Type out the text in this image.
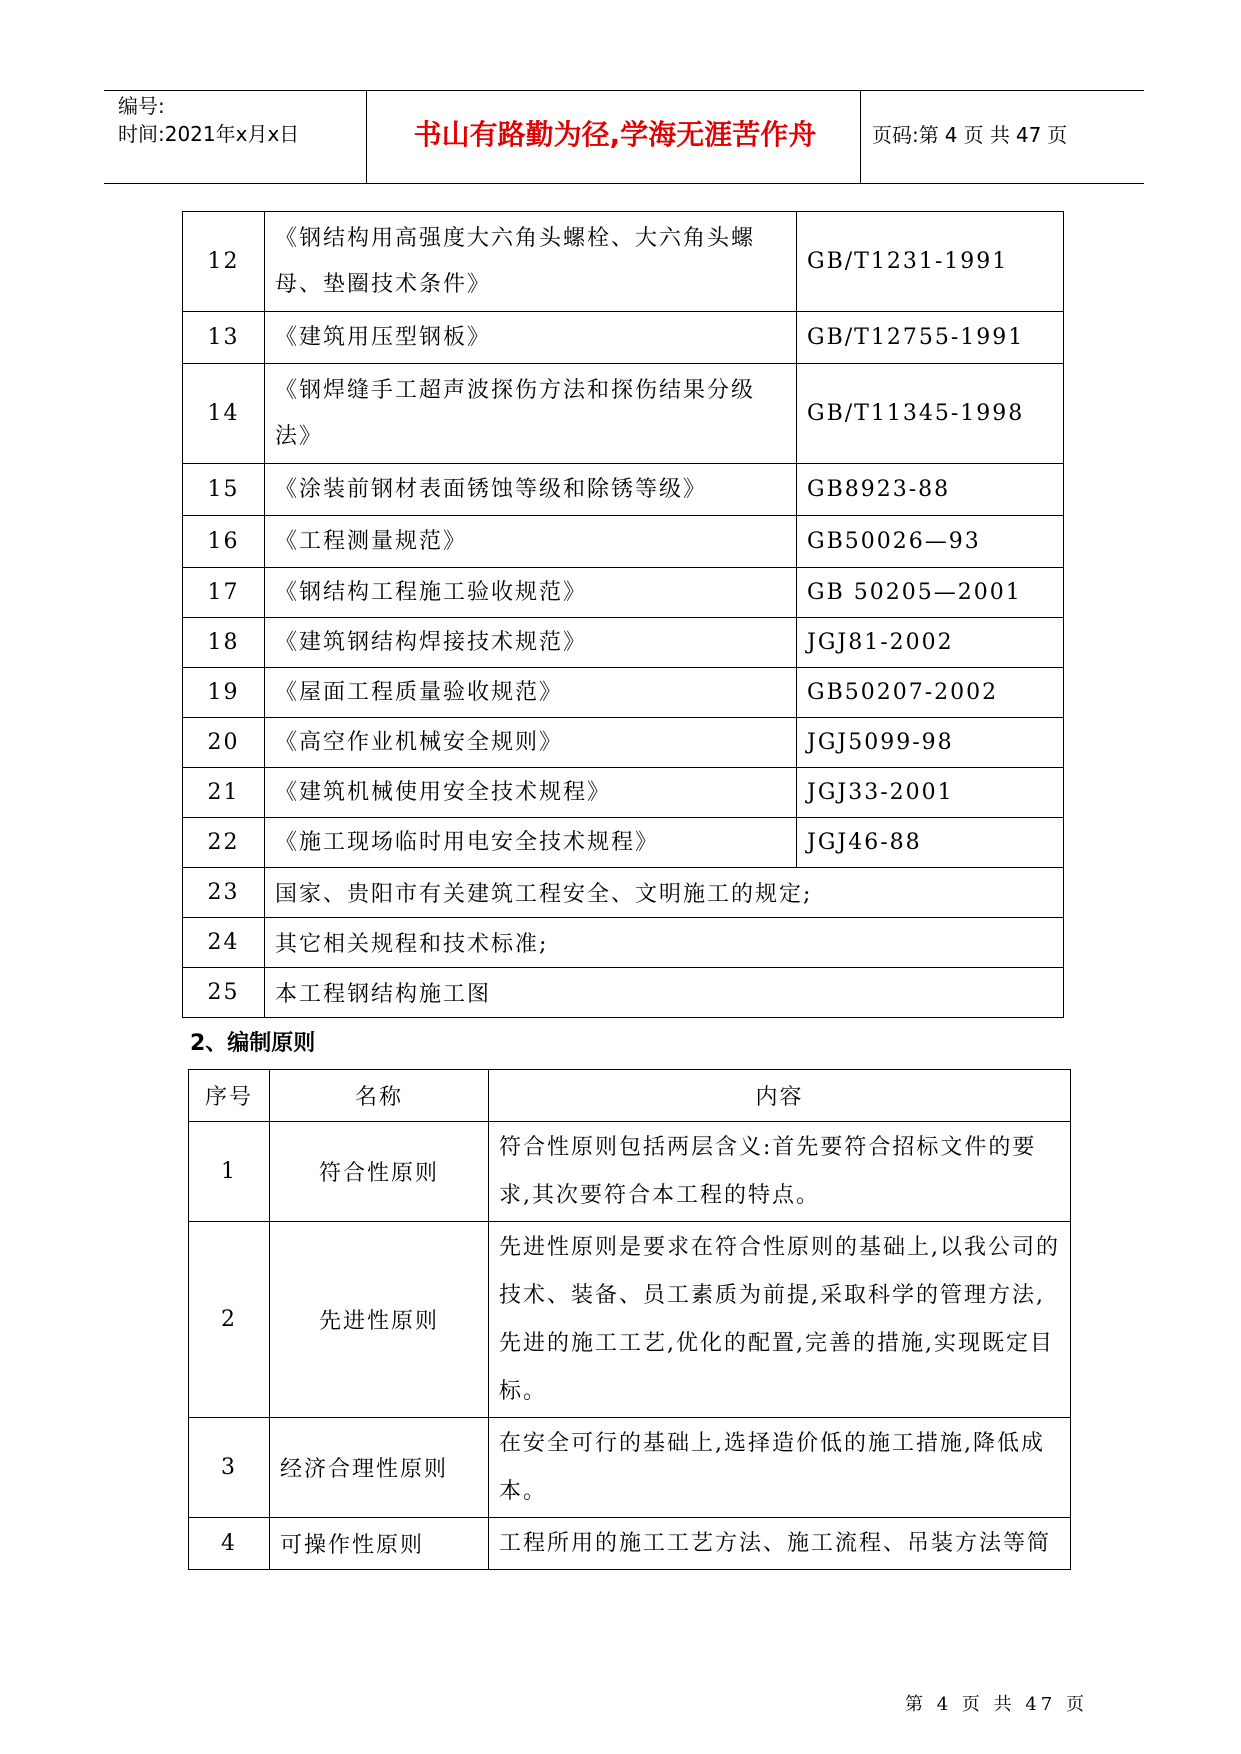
编号:
时间:2021年x月x日	书山有路勤为径,学海无涯苦作舟	页码:第 4 页 共 47 页
12	《钢结构用高强度大六角头螺栓、大六角头螺母、垫圈技术条件》	GB/T1231-1991
13	《建筑用压型钢板》	GB/T12755-1991
14	《钢焊缝手工超声波探伤方法和探伤结果分级法》	GB/T11345-1998
15	《涂装前钢材表面锈蚀等级和除锈等级》	GB8923-88
16	《工程测量规范》	GB50026—93
17	《钢结构工程施工验收规范》	GB 50205—2001
18	《建筑钢结构焊接技术规范》	JGJ81-2002
19	《屋面工程质量验收规范》	GB50207-2002
20	《高空作业机械安全规则》	JGJ5099-98
21	《建筑机械使用安全技术规程》	JGJ33-2001
22	《施工现场临时用电安全技术规程》	JGJ46-88
23	国家、贵阳市有关建筑工程安全、文明施工的规定;	
24	其它相关规程和技术标准;	
25	本工程钢结构施工图	
2、编制原则
序号	名称	内容
1	符合性原则	符合性原则包括两层含义:首先要符合招标文件的要求,其次要符合本工程的特点。
2	先进性原则	先进性原则是要求在符合性原则的基础上,以我公司的技术、装备、员工素质为前提,采取科学的管理方法,先进的施工工艺,优化的配置,完善的措施,实现既定目标。
3	经济合理性原则	在安全可行的基础上,选择造价低的施工措施,降低成本。
4	可操作性原则	工程所用的施工工艺方法、施工流程、吊装方法等简
第 4 页 共 47 页
